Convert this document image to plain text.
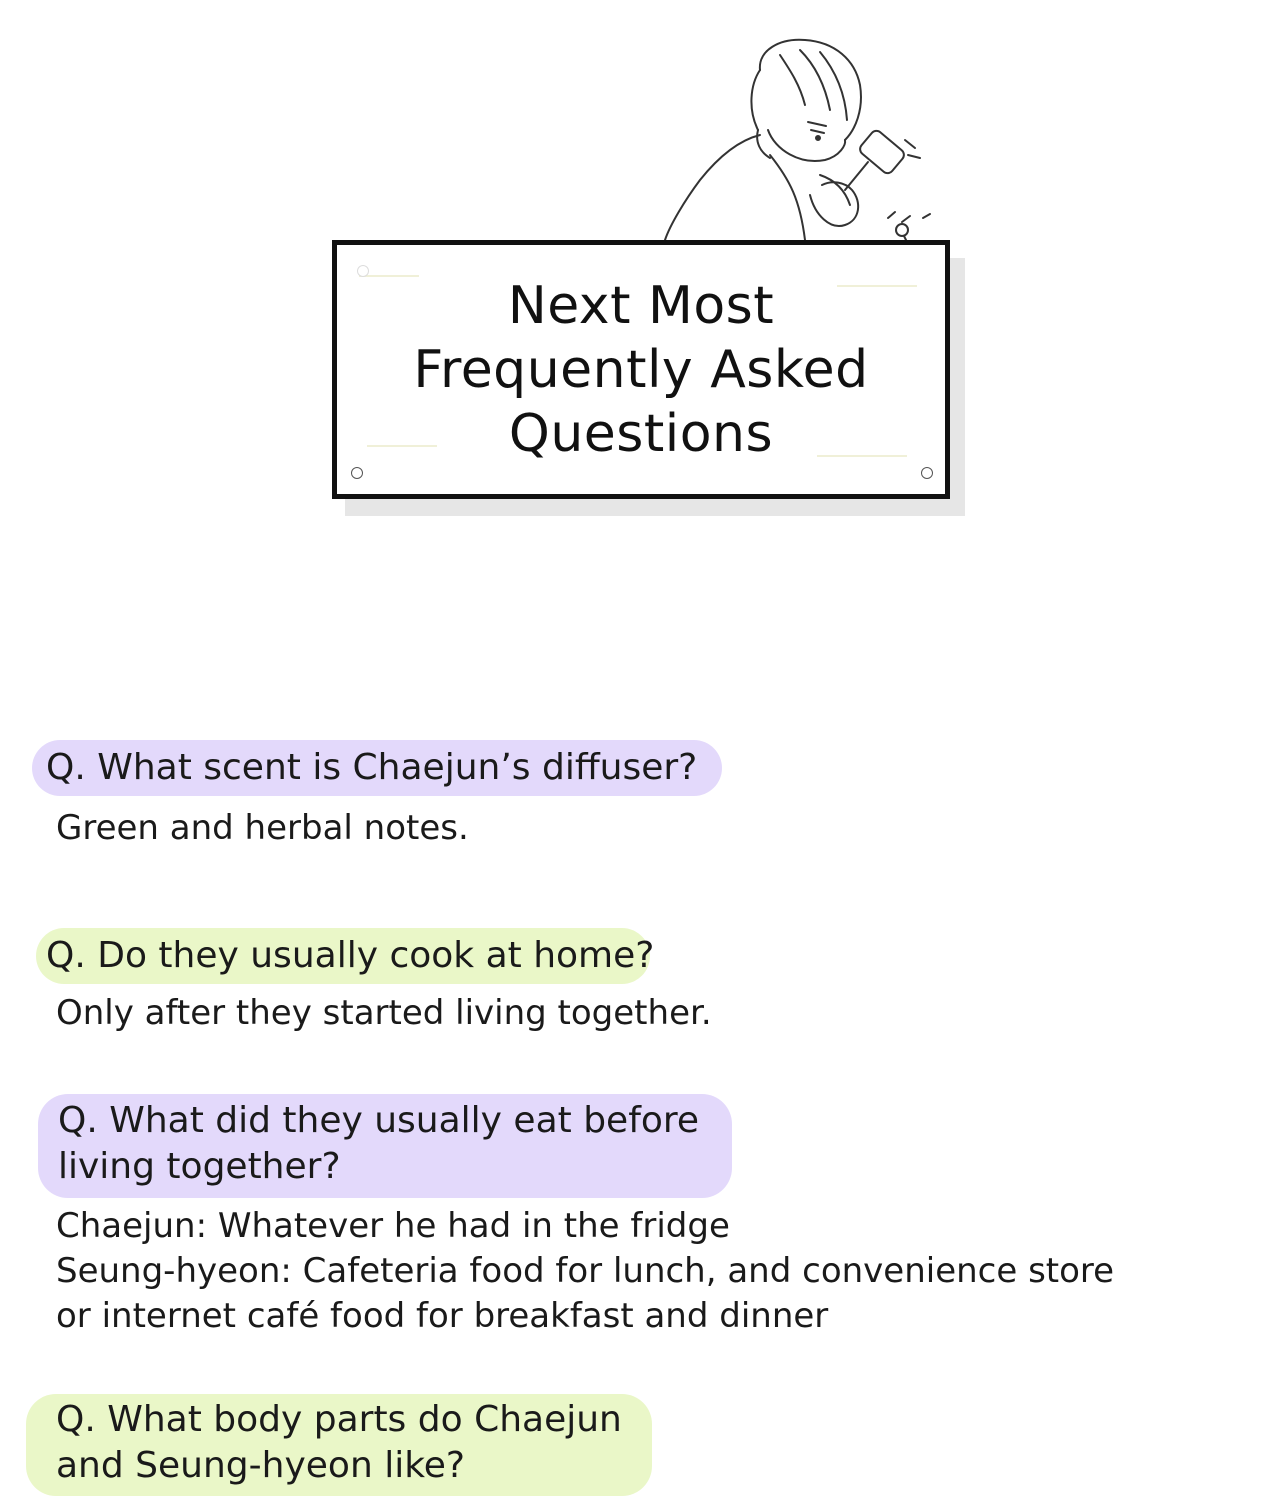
Next Most
Frequently Asked
Questions
Q. What scent is Chaejun’s diffuser?
Green and herbal notes.
Q. Do they usually cook at home?
Only after they started living together.
Q. What did they usually eat before
living together?
Chaejun: Whatever he had in the fridge
Seung-hyeon: Cafeteria food for lunch, and convenience store
or internet café food for breakfast and dinner
Q. What body parts do Chaejun
and Seung-hyeon like?
